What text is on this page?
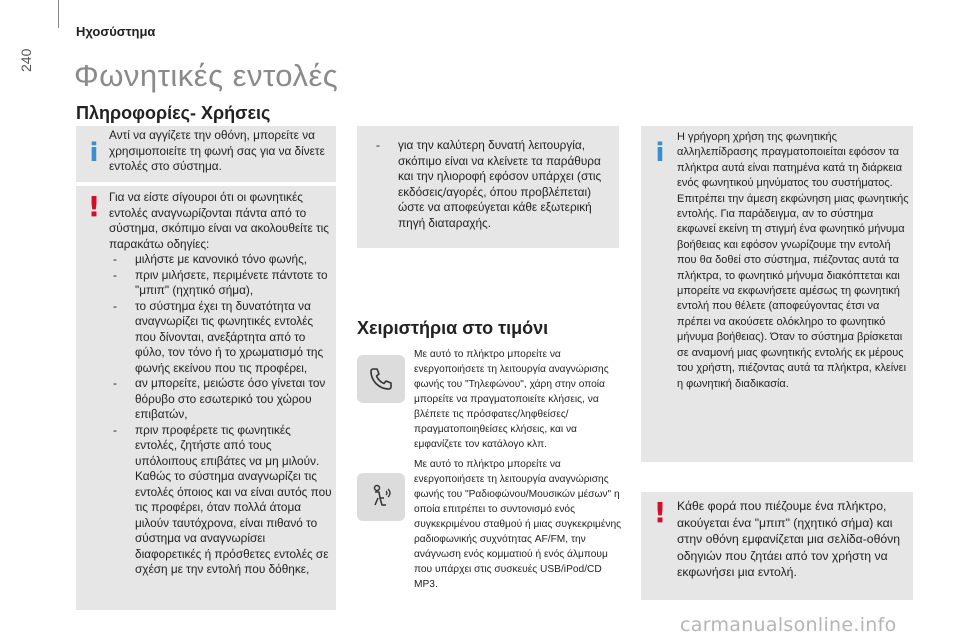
240
Ηχοσύστημα
Φωνητικές εντολές
Πληροφορίες- Χρήσεις
i
Αντί να αγγίζετε την οθόνη, μπορείτε να χρησιμοποιείτε τη φωνή σας για να δίνετε εντολές στο σύστημα.
! Για να είστε σίγουροι ότι οι φωνητικές εντολές αναγνωρίζονται πάντα από το σύστημα, σκόπιμο είναι να ακολουθείτε τις παρακάτω οδηγίες:

- μιλήστε με κανονικό τόνο φωνής,
- πριν μιλήσετε, περιμένετε πάντοτε το "μπιπ" (ηχητικό σήμα),
- το σύστημα έχει τη δυνατότητα να αναγνωρίζει τις φωνητικές εντολές που δίνονται, ανεξάρτητα από το φύλο, τον τόνο ή το χρωματισμό της φωνής εκείνου που τις προφέρει,
- αν μπορείτε, μειώστε όσο γίνεται τον θόρυβο στο εσωτερικό του χώρου επιβατών,
- πριν προφέρετε τις φωνητικές εντολές, ζητήστε από τους υπόλοιπους επιβάτες να μη μιλούν. Καθώς το σύστημα αναγνωρίζει τις εντολές όποιος και να είναι αυτός που τις προφέρει, όταν πολλά άτομα μιλούν ταυτόχρονα, είναι πιθανό το σύστημα να αναγνωρίσει διαφορετικές ή πρόσθετες εντολές σε σχέση με την εντολή που δόθηκε,
- για την καλύτερη δυνατή λειτουργία, σκόπιμο είναι να κλείνετε τα παράθυρα και την ηλιοροφή εφόσον υπάρχει (στις εκδόσεις/αγορές, όπου προβλέπεται) ώστε να αποφεύγεται κάθε εξωτερική πηγή διαταραχής.
Χειριστήρια στο τιμόνι
Με αυτό το πλήκτρο μπορείτε να ενεργοποιήσετε τη λειτουργία αναγνώρισης φωνής του "Τηλεφώνου", χάρη στην οποία μπορείτε να πραγματοποιείτε κλήσεις, να βλέπετε τις πρόσφατες/ληφθείσες/πραγματοποιηθείσες κλήσεις, και να εμφανίζετε τον κατάλογο κλπ.
Με αυτό το πλήκτρο μπορείτε να ενεργοποιήσετε τη λειτουργία αναγνώρισης φωνής του "Ραδιοφώνου/Μουσικών μέσων" η οποία επιτρέπει το συντονισμό ενός συγκεκριμένου σταθμού ή μιας συγκεκριμένης ραδιοφωνικής συχνότητας AF/FM, την ανάγνωση ενός κομματιού ή ενός άλμπουμ που υπάρχει στις συσκευές USB/iPod/CD MP3.
i
Η γρήγορη χρήση της φωνητικής αλληλεπίδρασης πραγματοποιείται εφόσον τα πλήκτρα αυτά είναι πατημένα κατά τη διάρκεια ενός φωνητικού μηνύματος του συστήματος. Επιτρέπει την άμεση εκφώνηση μιας φωνητικής εντολής. Για παράδειγμα, αν το σύστημα εκφωνεί εκείνη τη στιγμή ένα φωνητικό μήνυμα βοήθειας και εφόσον γνωρίζουμε την εντολή που θα δοθεί στο σύστημα, πιέζοντας αυτά τα πλήκτρα, το φωνητικό μήνυμα διακόπτεται και μπορείτε να εκφωνήσετε αμέσως τη φωνητική εντολή που θέλετε (αποφεύγοντας έτσι να πρέπει να ακούσετε ολόκληρο το φωνητικό μήνυμα βοήθειας). Όταν το σύστημα βρίσκεται σε αναμονή μιας φωνητικής εντολής εκ μέρους του χρήστη, πιέζοντας αυτά τα πλήκτρα, κλείνει η φωνητική διαδικασία.
! Κάθε φορά που πιέζουμε ένα πλήκτρο, ακούγεται ένα "μπιπ" (ηχητικό σήμα) και στην οθόνη εμφανίζεται μια σελίδα-οθόνη οδηγιών που ζητάει από τον χρήστη να εκφωνήσει μια εντολή.
carmanualsonline.info
